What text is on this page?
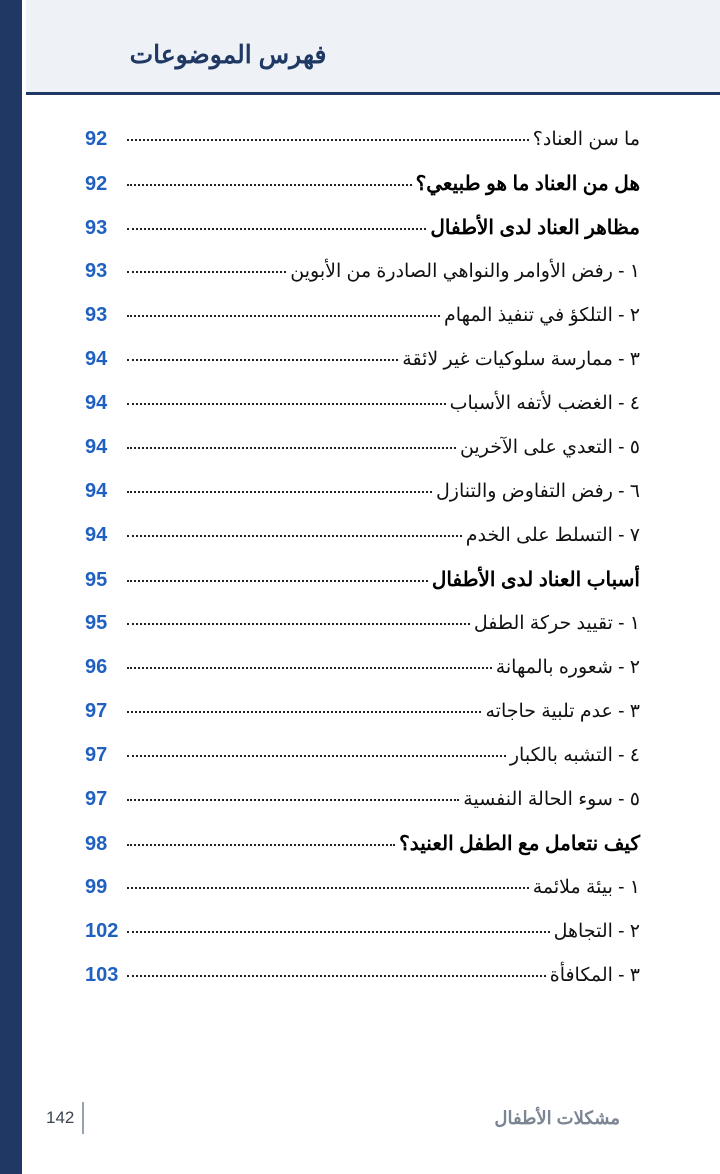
فهرس الموضوعات
ما سن العناد؟
92
هل من العناد ما هو طبيعي؟
92
مظاهر العناد لدى الأطفال
93
١ - رفض الأوامر والنواهي الصادرة من الأبوين
93
٢ - التلكؤ في تنفيذ المهام
93
٣ - ممارسة سلوكيات غير لائقة
94
٤ - الغضب لأتفه الأسباب
94
٥ - التعدي على الآخرين
94
٦ - رفض التفاوض والتنازل
94
٧ - التسلط على الخدم
94
أسباب العناد لدى الأطفال
95
١ - تقييد حركة الطفل
95
٢ - شعوره بالمهانة
96
٣ - عدم تلبية حاجاته
97
٤ - التشبه بالكبار
97
٥ - سوء الحالة النفسية
97
كيف نتعامل مع الطفل العنيد؟
98
١ - بيئة ملائمة
99
٢ - التجاهل
102
٣ - المكافأة
103
مشكلات الأطفال
142
